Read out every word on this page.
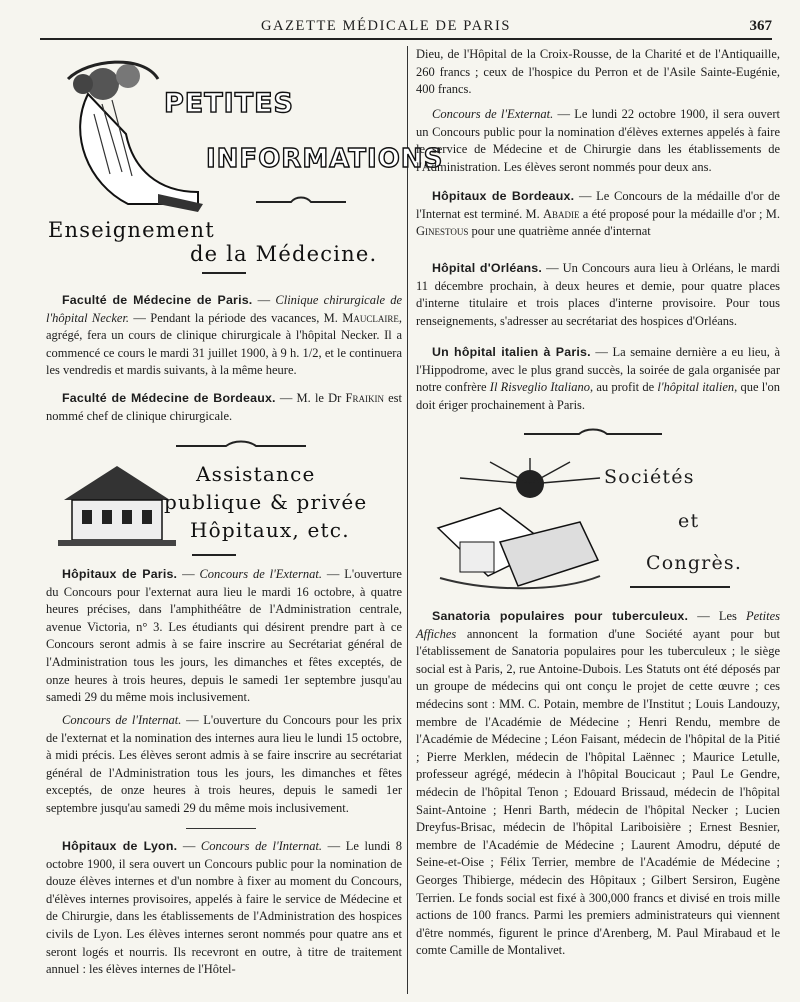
GAZETTE MÉDICALE DE PARIS	367
PETITES
INFORMATIONS
Enseignement
de la Médecine.

Faculté de Médecine de Paris. — Clinique chirurgicale de l'hôpital Necker. — Pendant la période des vacances, M. Mauclaire, agrégé, fera un cours de clinique chirurgicale à l'hôpital Necker. Il a commencé ce cours le mardi 31 juillet 1900, à 9 h. 1/2, et le continuera les vendredis et mardis suivants, à la même heure.

Faculté de Médecine de Bordeaux. — M. le Dr Fraikin est nommé chef de clinique chirurgicale.

Assistance
publique & privée
Hôpitaux, etc.

Hôpitaux de Paris. — Concours de l'Externat. — L'ouverture du Concours pour l'externat aura lieu le mardi 16 octobre, à quatre heures précises, dans l'amphithéâtre de l'Administration centrale, avenue Victoria, n° 3. Les étudiants qui désirent prendre part à ce Concours seront admis à se faire inscrire au Secrétariat général de l'Administration tous les jours, les dimanches et fêtes exceptés, de onze heures à trois heures, depuis le samedi 1er septembre jusqu'au samedi 29 du même mois inclusivement.

Concours de l'Internat. — L'ouverture du Concours pour les prix de l'externat et la nomination des internes aura lieu le lundi 15 octobre, à midi précis. Les élèves seront admis à se faire inscrire au secrétariat général de l'Administration tous les jours, les dimanches et fêtes exceptés, de onze heures à trois heures, depuis le samedi 1er septembre jusqu'au samedi 29 du même mois inclusivement.

Hôpitaux de Lyon. — Concours de l'Internat. — Le lundi 8 octobre 1900, il sera ouvert un Concours public pour la nomination de douze élèves internes et d'un nombre à fixer au moment du Concours, d'élèves internes provisoires, appelés à faire le service de Médecine et de Chirurgie, dans les établissements de l'Administration des hospices civils de Lyon. Les élèves internes seront nommés pour quatre ans et seront logés et nourris. Ils recevront en outre, à titre de traitement annuel : les élèves internes de l'Hôtel-

Dieu, de l'Hôpital de la Croix-Rousse, de la Charité et de l'Antiquaille, 260 francs ; ceux de l'hospice du Perron et de l'Asile Sainte-Eugénie, 400 francs.

Concours de l'Externat. — Le lundi 22 octobre 1900, il sera ouvert un Concours public pour la nomination d'élèves externes appelés à faire le service de Médecine et de Chirurgie dans les établissements de l'Administration. Les élèves seront nommés pour deux ans.

Hôpitaux de Bordeaux. — Le Concours de la médaille d'or de l'Internat est terminé. M. Abadie a été proposé pour la médaille d'or ; M. Ginestous pour une quatrième année d'internat

Hôpital d'Orléans. — Un Concours aura lieu à Orléans, le mardi 11 décembre prochain, à deux heures et demie, pour quatre places d'interne titulaire et trois places d'interne provisoire. Pour tous renseignements, s'adresser au secrétariat des hospices d'Orléans.

Un hôpital italien à Paris. — La semaine dernière a eu lieu, à l'Hippodrome, avec le plus grand succès, la soirée de gala organisée par notre confrère Il Risveglio Italiano, au profit de l'hôpital italien, que l'on doit ériger prochainement à Paris.

Sociétés
et
Congrès.

Sanatoria populaires pour tuberculeux. — Les Petites Affiches annoncent la formation d'une Société ayant pour but l'établissement de Sanatoria populaires pour les tuberculeux ; le siège social est à Paris, 2, rue Antoine-Dubois. Les Statuts ont été déposés par un groupe de médecins qui ont conçu le projet de cette œuvre ; ces médecins sont : MM. C. Potain, membre de l'Institut ; Louis Landouzy, membre de l'Académie de Médecine ; Henri Rendu, membre de l'Académie de Médecine ; Léon Faisant, médecin de l'hôpital de la Pitié ; Pierre Merklen, médecin de l'hôpital Laënnec ; Maurice Letulle, professeur agrégé, médecin à l'hôpital Boucicaut ; Paul Le Gendre, médecin de l'hôpital Tenon ; Edouard Brissaud, médecin de l'hôpital Saint-Antoine ; Henri Barth, médecin de l'hôpital Necker ; Lucien Dreyfus-Brisac, médecin de l'hôpital Lariboisière ; Ernest Besnier, membre de l'Académie de Médecine ; Laurent Amodru, député de Seine-et-Oise ; Félix Terrier, membre de l'Académie de Médecine ; Georges Thibierge, médecin des Hôpitaux ; Gilbert Sersiron, Eugène Terrien. Le fonds social est fixé à 300,000 francs et divisé en trois mille actions de 100 francs. Parmi les premiers administrateurs qui viennent d'être nommés, figurent le prince d'Arenberg, M. Paul Mirabaud et le comte Camille de Montalivet.
